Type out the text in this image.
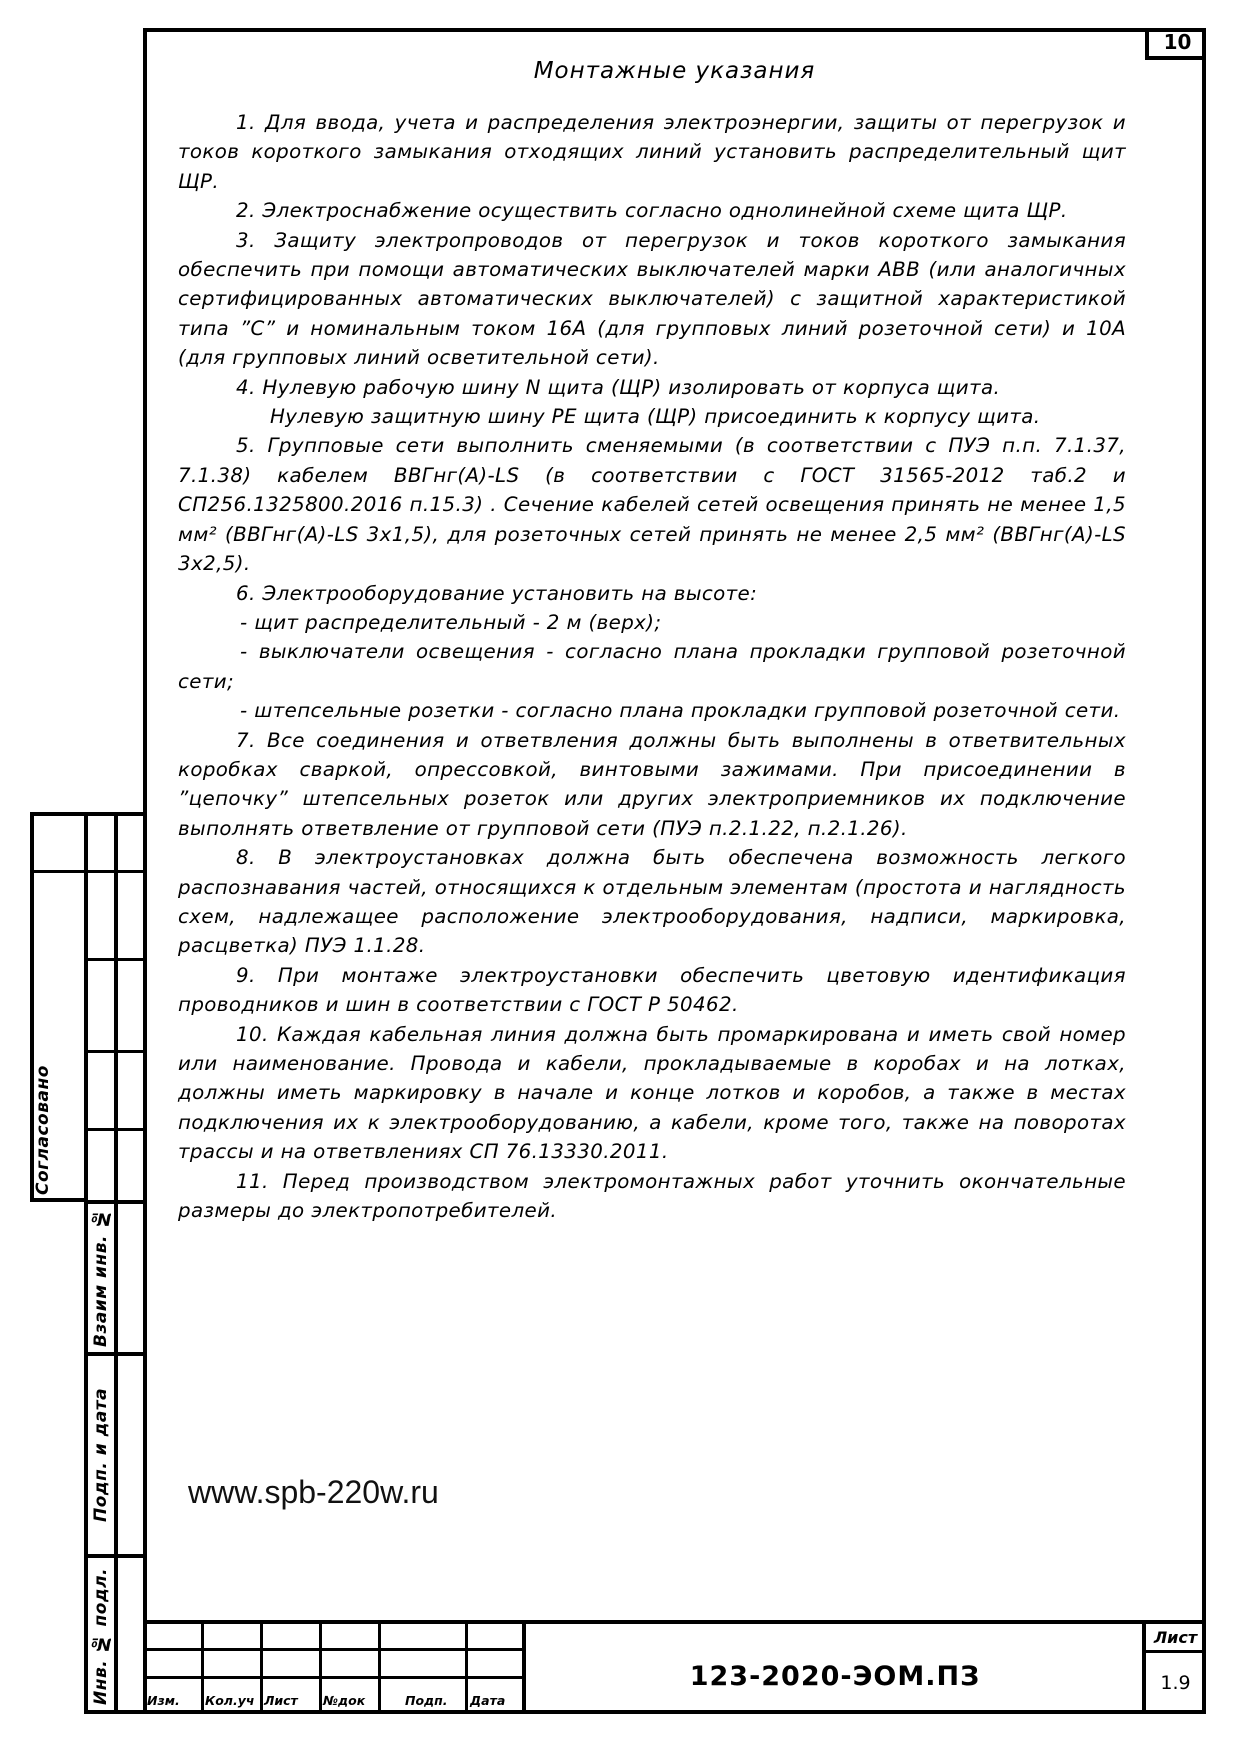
10
Монтажные указания

1. Для ввода, учета и распределения электроэнергии, защиты от перегрузок и токов короткого замыкания отходящих линий установить распределительный щит ЩР.

2. Электроснабжение осуществить согласно однолинейной схеме щита ЩР.

3. Защиту электропроводов от перегрузок и токов короткого замыкания обеспечить при помощи автоматических выключателей марки АВВ (или аналогичных сертифицированных автоматических выключателей) с защитной характеристикой типа ”С” и номинальным током 16А (для групповых линий розеточной сети) и 10А (для групповых линий осветительной сети).

4. Нулевую рабочую шину N щита (ЩР) изолировать от корпуса щита.

Нулевую защитную шину PE щита (ЩР) присоединить к корпусу щита.

5. Групповые сети выполнить сменяемыми (в соответствии с ПУЭ п.п. 7.1.37, 7.1.38) кабелем ВВГнг(А)-LS (в соответствии с ГОСТ 31565-2012 таб.2 и СП256.1325800.2016 п.15.3) . Сечение кабелей сетей освещения принять не менее 1,5 мм² (ВВГнг(А)-LS 3х1,5), для розеточных сетей принять не менее 2,5 мм² (ВВГнг(А)-LS 3х2,5).

6. Электрооборудование установить на высоте:

- щит распределительный - 2 м (верх);

- выключатели освещения - согласно плана прокладки групповой розеточной сети;

- штепсельные розетки - согласно плана прокладки групповой розеточной сети.

7. Все соединения и ответвления должны быть выполнены в ответвительных коробках сваркой, опрессовкой, винтовыми зажимами. При присоединении в ”цепочку” штепсельных розеток или других электроприемников их подключение выполнять ответвление от групповой сети (ПУЭ п.2.1.22, п.2.1.26).

8. В электроустановках должна быть обеспечена возможность легкого распознавания частей, относящихся к отдельным элементам (простота и наглядность схем, надлежащее расположение электрооборудования, надписи, маркировка, расцветка) ПУЭ 1.1.28.

9. При монтаже электроустановки обеспечить цветовую идентификация проводников и шин в соответствии с ГОСТ Р 50462.

10. Каждая кабельная линия должна быть промаркирована и иметь свой номер или наименование. Провода и кабели, прокладываемые в коробах и на лотках, должны иметь маркировку в начале и конце лотков и коробов, а также в местах подключения их к электрооборудованию, а кабели, кроме того, также на поворотах трассы и на ответвлениях СП 76.13330.2011.

11. Перед производством электромонтажных работ уточнить окончательные размеры до электропотребителей.

www.spb-220w.ru
Согласовано
Взаим инв. №
Подп. и дата
Инв. № подл.	Изм. Кол.уч Лист №док	Подп. Дата
123-2020-ЭОМ.ПЗ
Лист
1.9
